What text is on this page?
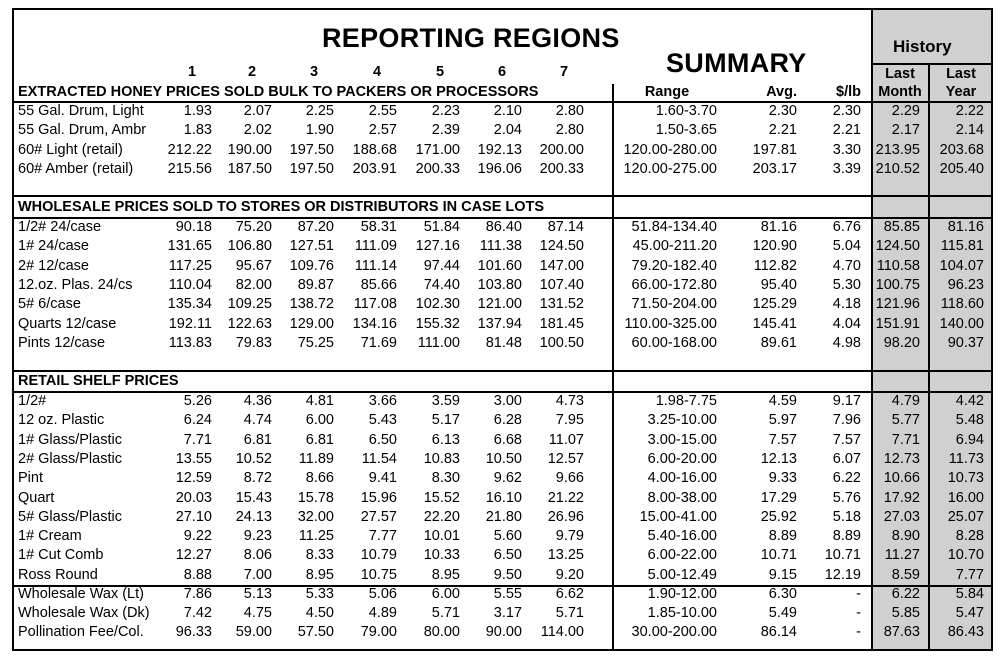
REPORTING REGIONS
SUMMARY
History
1	2	3	4	5	6	7
Range	Avg.	$/lb
Last
Month
Last
Year
EXTRACTED HONEY PRICES SOLD BULK TO PACKERS OR PROCESSORS
55 Gal. Drum, Light	1.93	2.07	2.25	2.55	2.23	2.10	2.80	1.60-3.70	2.30	2.30	2.29	2.22
55 Gal. Drum, Ambr	1.83	2.02	1.90	2.57	2.39	2.04	2.80	1.50-3.65	2.21	2.21	2.17	2.14
60# Light (retail)	212.22	190.00	197.50	188.68	171.00	192.13	200.00	120.00-280.00	197.81	3.30	213.95	203.68
60# Amber (retail)	215.56	187.50	197.50	203.91	200.33	196.06	200.33	120.00-275.00	203.17	3.39	210.52	205.40
WHOLESALE PRICES SOLD TO STORES OR DISTRIBUTORS IN CASE LOTS
1/2# 24/case	90.18	75.20	87.20	58.31	51.84	86.40	87.14	51.84-134.40	81.16	6.76	85.85	81.16
1# 24/case	131.65	106.80	127.51	111.09	127.16	111.38	124.50	45.00-211.20	120.90	5.04	124.50	115.81
2# 12/case	117.25	95.67	109.76	111.14	97.44	101.60	147.00	79.20-182.40	112.82	4.70	110.58	104.07
12.oz. Plas. 24/cs	110.04	82.00	89.87	85.66	74.40	103.80	107.40	66.00-172.80	95.40	5.30	100.75	96.23
5# 6/case	135.34	109.25	138.72	117.08	102.30	121.00	131.52	71.50-204.00	125.29	4.18	121.96	118.60
Quarts 12/case	192.11	122.63	129.00	134.16	155.32	137.94	181.45	110.00-325.00	145.41	4.04	151.91	140.00
Pints 12/case	113.83	79.83	75.25	71.69	111.00	81.48	100.50	60.00-168.00	89.61	4.98	98.20	90.37
RETAIL SHELF PRICES
1/2#	5.26	4.36	4.81	3.66	3.59	3.00	4.73	1.98-7.75	4.59	9.17	4.79	4.42
12 oz. Plastic	6.24	4.74	6.00	5.43	5.17	6.28	7.95	3.25-10.00	5.97	7.96	5.77	5.48
1# Glass/Plastic	7.71	6.81	6.81	6.50	6.13	6.68	11.07	3.00-15.00	7.57	7.57	7.71	6.94
2# Glass/Plastic	13.55	10.52	11.89	11.54	10.83	10.50	12.57	6.00-20.00	12.13	6.07	12.73	11.73
Pint	12.59	8.72	8.66	9.41	8.30	9.62	9.66	4.00-16.00	9.33	6.22	10.66	10.73
Quart	20.03	15.43	15.78	15.96	15.52	16.10	21.22	8.00-38.00	17.29	5.76	17.92	16.00
5# Glass/Plastic	27.10	24.13	32.00	27.57	22.20	21.80	26.96	15.00-41.00	25.92	5.18	27.03	25.07
1# Cream	9.22	9.23	11.25	7.77	10.01	5.60	9.79	5.40-16.00	8.89	8.89	8.90	8.28
1# Cut Comb	12.27	8.06	8.33	10.79	10.33	6.50	13.25	6.00-22.00	10.71	10.71	11.27	10.70
Ross Round	8.88	7.00	8.95	10.75	8.95	9.50	9.20	5.00-12.49	9.15	12.19	8.59	7.77
Wholesale Wax (Lt)	7.86	5.13	5.33	5.06	6.00	5.55	6.62	1.90-12.00	6.30	-	6.22	5.84
Wholesale Wax (Dk)	7.42	4.75	4.50	4.89	5.71	3.17	5.71	1.85-10.00	5.49	-	5.85	5.47
Pollination Fee/Col.	96.33	59.00	57.50	79.00	80.00	90.00	114.00	30.00-200.00	86.14	-	87.63	86.43
